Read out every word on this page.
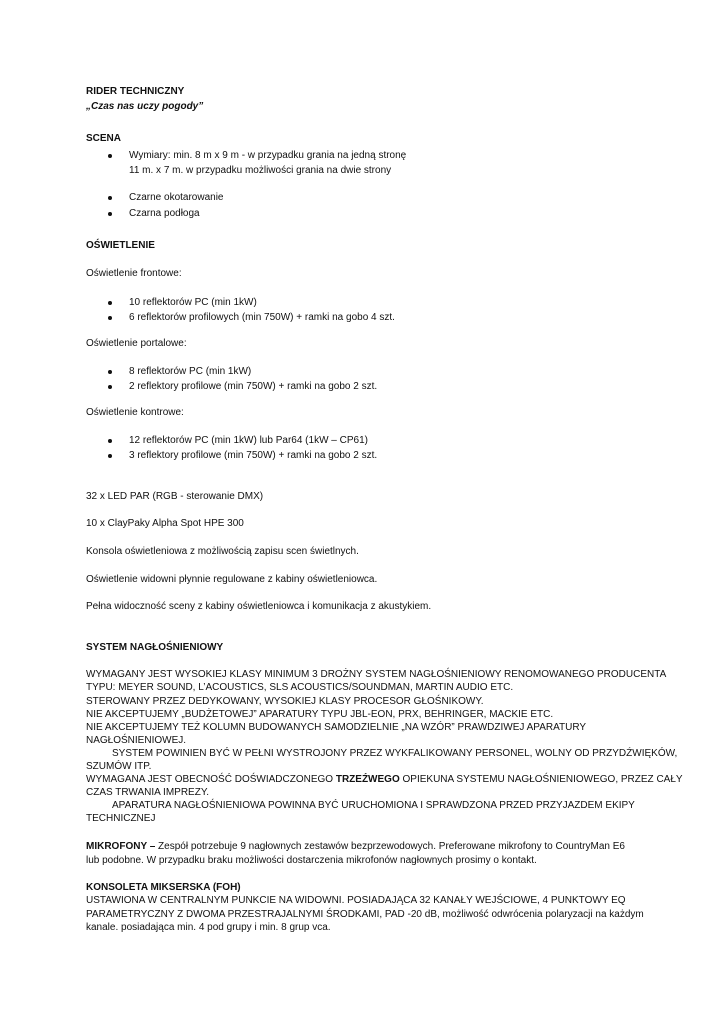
RIDER TECHNICZNY
„Czas nas uczy pogody”
SCENA
Wymiary: min. 8 m x 9 m - w przypadku grania na jedną stronę
11 m. x 7 m. w przypadku możliwości grania na dwie strony
Czarne okotarowanie
Czarna podłoga
OŚWIETLENIE
Oświetlenie frontowe:
10 reflektorów PC (min 1kW)
6 reflektorów profilowych (min 750W) + ramki na gobo 4 szt.
Oświetlenie portalowe:
8 reflektorów PC (min 1kW)
2 reflektory profilowe (min 750W) + ramki na gobo 2 szt.
Oświetlenie kontrowe:
12 reflektorów PC (min 1kW) lub Par64 (1kW – CP61)
3 reflektory profilowe (min 750W) + ramki na gobo 2 szt.
32 x LED PAR (RGB - sterowanie DMX)
10 x ClayPaky Alpha Spot HPE 300
Konsola oświetleniowa z możliwością zapisu scen świetlnych.
Oświetlenie widowni płynnie regulowane z kabiny oświetleniowca.
Pełna widoczność sceny z kabiny oświetleniowca i komunikacja z akustykiem.
SYSTEM NAGŁOŚNIENIOWY
WYMAGANY JEST WYSOKIEJ KLASY MINIMUM 3 DROŻNY SYSTEM NAGŁOŚNIENIOWY RENOMOWANEGO PRODUCENTA
TYPU: MEYER SOUND, L’ACOUSTICS, SLS ACOUSTICS/SOUNDMAN, MARTIN AUDIO ETC.
STEROWANY PRZEZ DEDYKOWANY, WYSOKIEJ KLASY PROCESOR GŁOŚNIKOWY.
NIE AKCEPTUJEMY „BUDŻETOWEJ” APARATURY TYPU JBL-EON, PRX, BEHRINGER, MACKIE ETC.
NIE AKCEPTUJEMY TEŻ KOLUMN BUDOWANYCH SAMODZIELNIE „NA WZÓR” PRAWDZIWEJ APARATURY
NAGŁOŚNIENIOWEJ.
SYSTEM POWINIEN BYĆ W PEŁNI WYSTROJONY PRZEZ WYKFALIKOWANY PERSONEL, WOLNY OD PRZYDŹWIĘKÓW,
SZUMÓW ITP.
WYMAGANA JEST OBECNOŚĆ DOŚWIADCZONEGO TRZEŹWEGO OPIEKUNA SYSTEMU NAGŁOŚNIENIOWEGO, PRZEZ CAŁY
CZAS TRWANIA IMPREZY.
APARATURA NAGŁOŚNIENIOWA POWINNA BYĆ URUCHOMIONA I SPRAWDZONA PRZED PRZYJAZDEM EKIPY
TECHNICZNEJ
MIKROFONY – Zespół potrzebuje 9 nagłownych zestawów bezprzewodowych. Preferowane mikrofony to CountryMan E6
lub podobne. W przypadku braku możliwości dostarczenia mikrofonów nagłownych prosimy o kontakt.
KONSOLETA MIKSERSKA (FOH)
USTAWIONA W CENTRALNYM PUNKCIE NA WIDOWNI. POSIADAJĄCA 32 KANAŁY WEJŚCIOWE, 4 PUNKTOWY EQ
PARAMETRYCZNY Z DWOMA PRZESTRAJALNYMI ŚRODKAMI, PAD -20 dB, możliwość odwrócenia polaryzacji na każdym
kanale. posiadająca min. 4 pod grupy i min. 8 grup vca.
